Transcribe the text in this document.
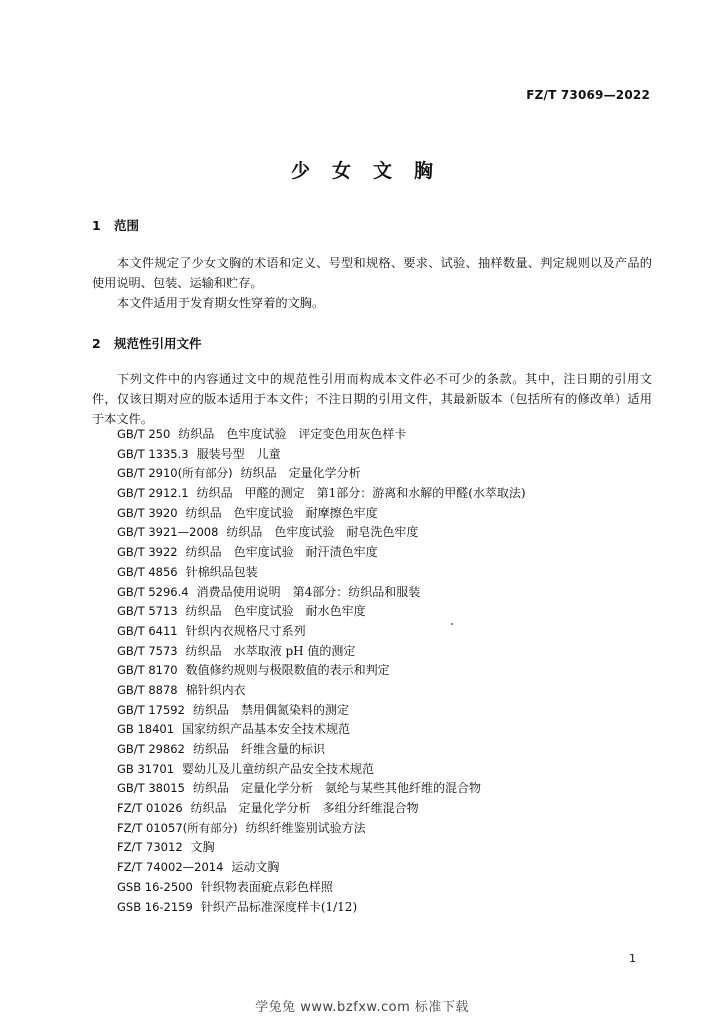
FZ/T 73069—2022
少女文胸
1 范围
本文件规定了少女文胸的术语和定义、号型和规格、要求、试验、抽样数量、判定规则以及产品的使用说明、包装、运输和贮存。
本文件适用于发育期女性穿着的文胸。
2 规范性引用文件
下列文件中的内容通过文中的规范性引用而构成本文件必不可少的条款。其中，注日期的引用文件，仅该日期对应的版本适用于本文件；不注日期的引用文件，其最新版本（包括所有的修改单）适用于本文件。
GB/T 250 纺织品　色牢度试验　评定变色用灰色样卡
GB/T 1335.3 服装号型　儿童
GB/T 2910(所有部分) 纺织品　定量化学分析
GB/T 2912.1 纺织品　甲醛的测定　第1部分：游离和水解的甲醛(水萃取法)
GB/T 3920 纺织品　色牢度试验　耐摩擦色牢度
GB/T 3921—2008 纺织品　色牢度试验　耐皂洗色牢度
GB/T 3922 纺织品　色牢度试验　耐汗渍色牢度
GB/T 4856 针棉织品包装
GB/T 5296.4 消费品使用说明　第4部分：纺织品和服装
GB/T 5713 纺织品　色牢度试验　耐水色牢度
GB/T 6411 针织内衣规格尺寸系列
GB/T 7573 纺织品　水萃取液 pH 值的测定
GB/T 8170 数值修约规则与极限数值的表示和判定
GB/T 8878 棉针织内衣
GB/T 17592 纺织品　禁用偶氮染料的测定
GB 18401 国家纺织产品基本安全技术规范
GB/T 29862 纺织品　纤维含量的标识
GB 31701 婴幼儿及儿童纺织产品安全技术规范
GB/T 38015 纺织品　定量化学分析　氨纶与某些其他纤维的混合物
FZ/T 01026 纺织品　定量化学分析　多组分纤维混合物
FZ/T 01057(所有部分) 纺织纤维鉴别试验方法
FZ/T 73012 文胸
FZ/T 74002—2014 运动文胸
GSB 16-2500 针织物表面疵点彩色样照
GSB 16-2159 针织产品标准深度样卡(1/12)
1
学兔兔 www.bzfxw.com 标准下载
